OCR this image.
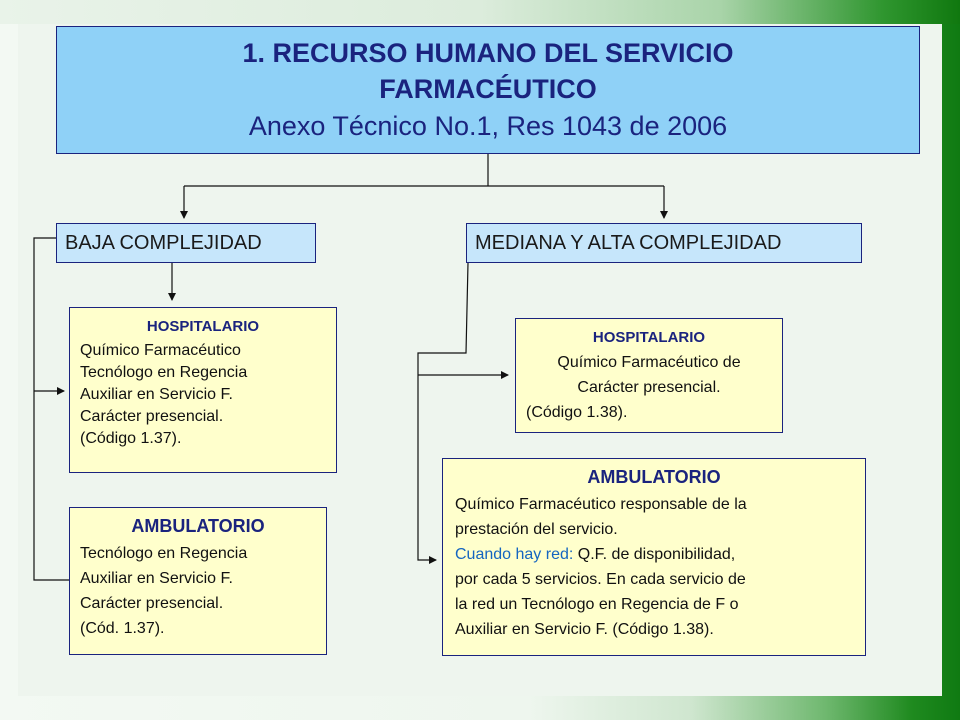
1. RECURSO HUMANO DEL SERVICIO
FARMACÉUTICO
Anexo Técnico No.1, Res 1043 de 2006
BAJA COMPLEJIDAD	MEDIANA Y ALTA COMPLEJIDAD
HOSPITALARIO
Químico Farmacéutico
Tecnólogo en Regencia
Auxiliar en Servicio F.
Carácter presencial.
(Código 1.37).
AMBULATORIO
Tecnólogo en Regencia
Auxiliar en Servicio F.
Carácter presencial.
(Cód. 1.37).
HOSPITALARIO
Químico Farmacéutico de
Carácter presencial.
(Código 1.38).
AMBULATORIO
Químico Farmacéutico responsable de la
prestación del servicio.
Cuando hay red: Q.F. de disponibilidad,
por cada 5 servicios. En cada servicio de
la red un Tecnólogo en Regencia de F o
Auxiliar en Servicio F. (Código 1.38).
